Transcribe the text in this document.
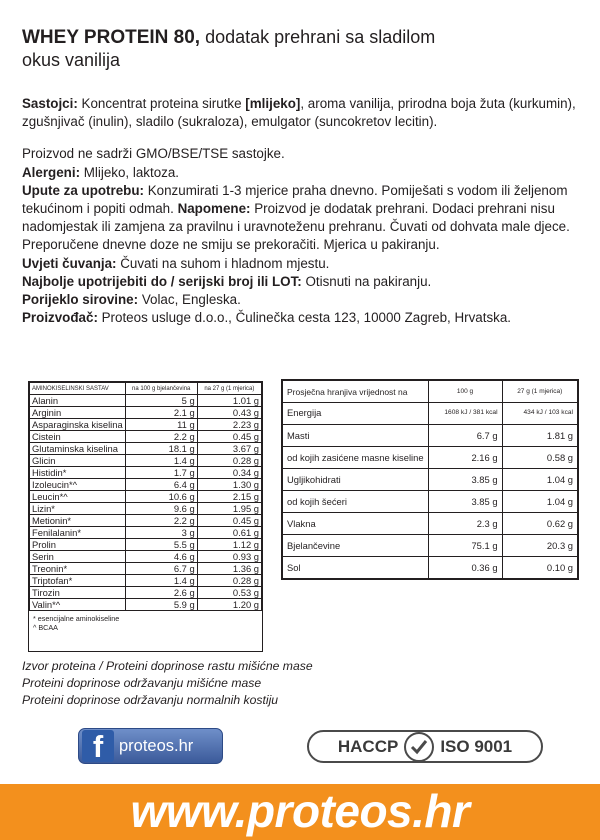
WHEY PROTEIN 80, dodatak prehrani sa sladilom
okus vanilija

Sastojci: Koncentrat proteina sirutke [mlijeko], aroma vanilija, prirodna boja žuta (kurkumin), zgušnjivač (inulin), sladilo (sukraloza), emulgator (suncokretov lecitin).

Proizvod ne sadrži GMO/BSE/TSE sastojke.

Alergeni: Mlijeko, laktoza.

Upute za upotrebu: Konzumirati 1-3 mjerice praha dnevno. Pomiješati s vodom ili željenom tekućinom i popiti odmah. Napomene: Proizvod je dodatak prehrani. Dodaci prehrani nisu nadomjestak ili zamjena za pravilnu i uravnoteženu prehranu. Čuvati od dohvata male djece. Preporučene dnevne doze ne smiju se prekoračiti. Mjerica u pakiranju.

Uvjeti čuvanja: Čuvati na suhom i hladnom mjestu.

Najbolje upotrijebiti do / serijski broj ili LOT: Otisnuti na pakiranju.

Porijeklo sirovine: Volac, Engleska.

Proizvođač: Proteos usluge d.o.o., Čulinečka cesta 123, 10000 Zagreb, Hrvatska.

AMINOKISELINSKI SASTAV	na 100 g bjelančevina	na 27 g (1 mjerica)
Alanin	5 g	1.01 g
Arginin	2.1 g	0.43 g
Asparaginska kiselina	11 g	2.23 g
Cistein	2.2 g	0.45 g
Glutaminska kiselina	18.1 g	3.67 g
Glicin	1.4 g	0.28 g
Histidin*	1.7 g	0.34 g
Izoleucin*^	6.4 g	1.30 g
Leucin*^	10.6 g	2.15 g
Lizin*	9.6 g	1.95 g
Metionin*	2.2 g	0.45 g
Fenilalanin*	3 g	0.61 g
Prolin	5.5 g	1.12 g
Serin	4.6 g	0.93 g
Treonin*	6.7 g	1.36 g
Triptofan*	1.4 g	0.28 g
Tirozin	2.6 g	0.53 g
Valin*^	5.9 g	1.20 g
* esencijalne aminokiseline
^ BCAA
Prosječna hranjiva vrijednost na	100 g	27 g (1 mjerica)
Energija	1608 kJ / 381 kcal	434 kJ / 103 kcal

Masti	6.7 g	1.81 g
od kojih zasićene masne kiseline	2.16 g	0.58 g
Ugljikohidrati	3.85 g	1.04 g
od kojih šećeri	3.85 g	1.04 g
Vlakna	2.3 g	0.62 g
Bjelančevine	75.1 g	20.3 g
Sol	0.36 g	0.10 g
Izvor proteina / Proteini doprinose rastu mišićne mase
Proteini doprinose održavanju mišićne mase
Proteini doprinose održavanju normalnih kostiju
f proteos.hr	HACCP ISO 9001
www.proteos.hr
